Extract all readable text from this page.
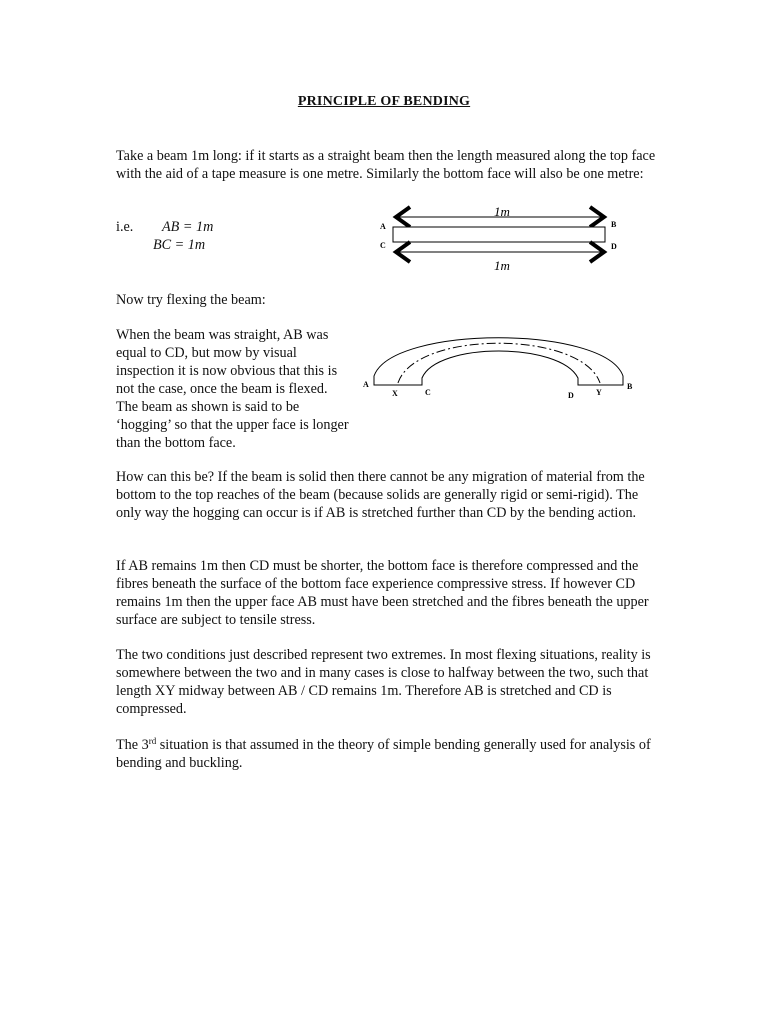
PRINCIPLE OF BENDING

Take a beam 1m long: if it starts as a straight beam then the length measured along the top face with the aid of a tape measure is one metre. Similarly the bottom face will also be one metre:

i.e. AB = 1m
BC = 1m
1m
1m
A	B
C	D

Now try flexing the beam:

When the beam was straight, AB was equal to CD, but mow by visual inspection it is now obvious that this is not the case, once the beam is flexed. The beam as shown is said to be ‘hogging’ so that the upper face is longer than the bottom face.

A
X	C	D	Y
B

How can this be? If the beam is solid then there cannot be any migration of material from the bottom to the top reaches of the beam (because solids are generally rigid or semi-rigid). The only way the hogging can occur is if AB is stretched further than CD by the bending action.

If AB remains 1m then CD must be shorter, the bottom face is therefore compressed and the fibres beneath the surface of the bottom face experience compressive stress. If however CD remains 1m then the upper face AB must have been stretched and the fibres beneath the upper surface are subject to tensile stress.

The two conditions just described represent two extremes. In most flexing situations, reality is somewhere between the two and in many cases is close to halfway between the two, such that length XY midway between AB / CD remains 1m. Therefore AB is stretched and CD is compressed.

The 3rd situation is that assumed in the theory of simple bending generally used for analysis of bending and buckling.
